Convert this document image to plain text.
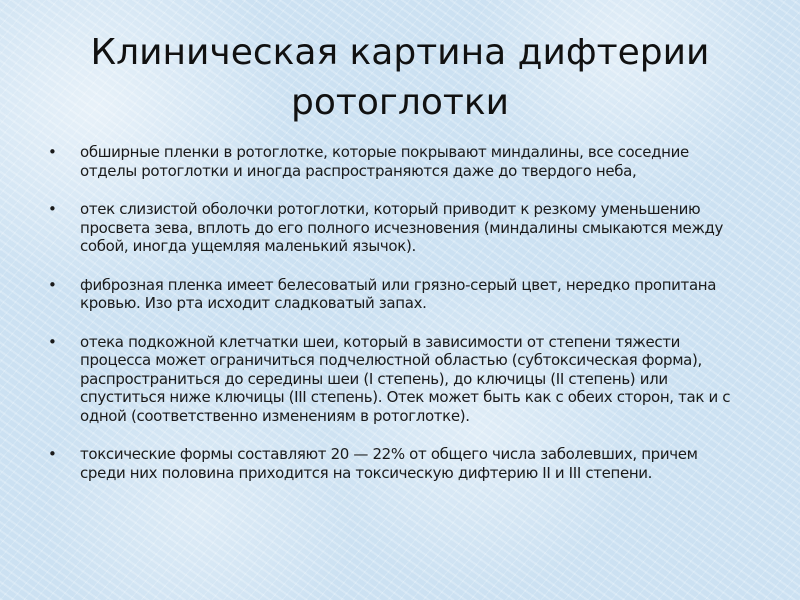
Клиническая картина дифтерии ротоглотки
• обширные пленки в ротоглотке, которые покрывают миндалины, все соседние отделы ротоглотки и иногда распространяются даже до твердого неба,
• отек слизистой оболочки ротоглотки, который приводит к резкому уменьшению просвета зева, вплоть до его полного исчезновения (миндалины смыкаются между собой, иногда ущемляя маленький язычок).
• фиброзная пленка имеет белесоватый или грязно-серый цвет, нередко пропитана кровью. Изо рта исходит сладковатый запах.
• отека подкожной клетчатки шеи, который в зависимости от степени тяжести процесса может ограничиться подчелюстной областью (субтоксическая форма), распространиться до середины шеи (I степень), до ключицы (II степень) или спуститься ниже ключицы (III степень). Отек может быть как с обеих сторон, так и с одной (соответственно изменениям в ротоглотке).
• токсические формы составляют 20 — 22% от общего числа заболевших, причем среди них половина приходится на токсическую дифтерию II и III степени.
